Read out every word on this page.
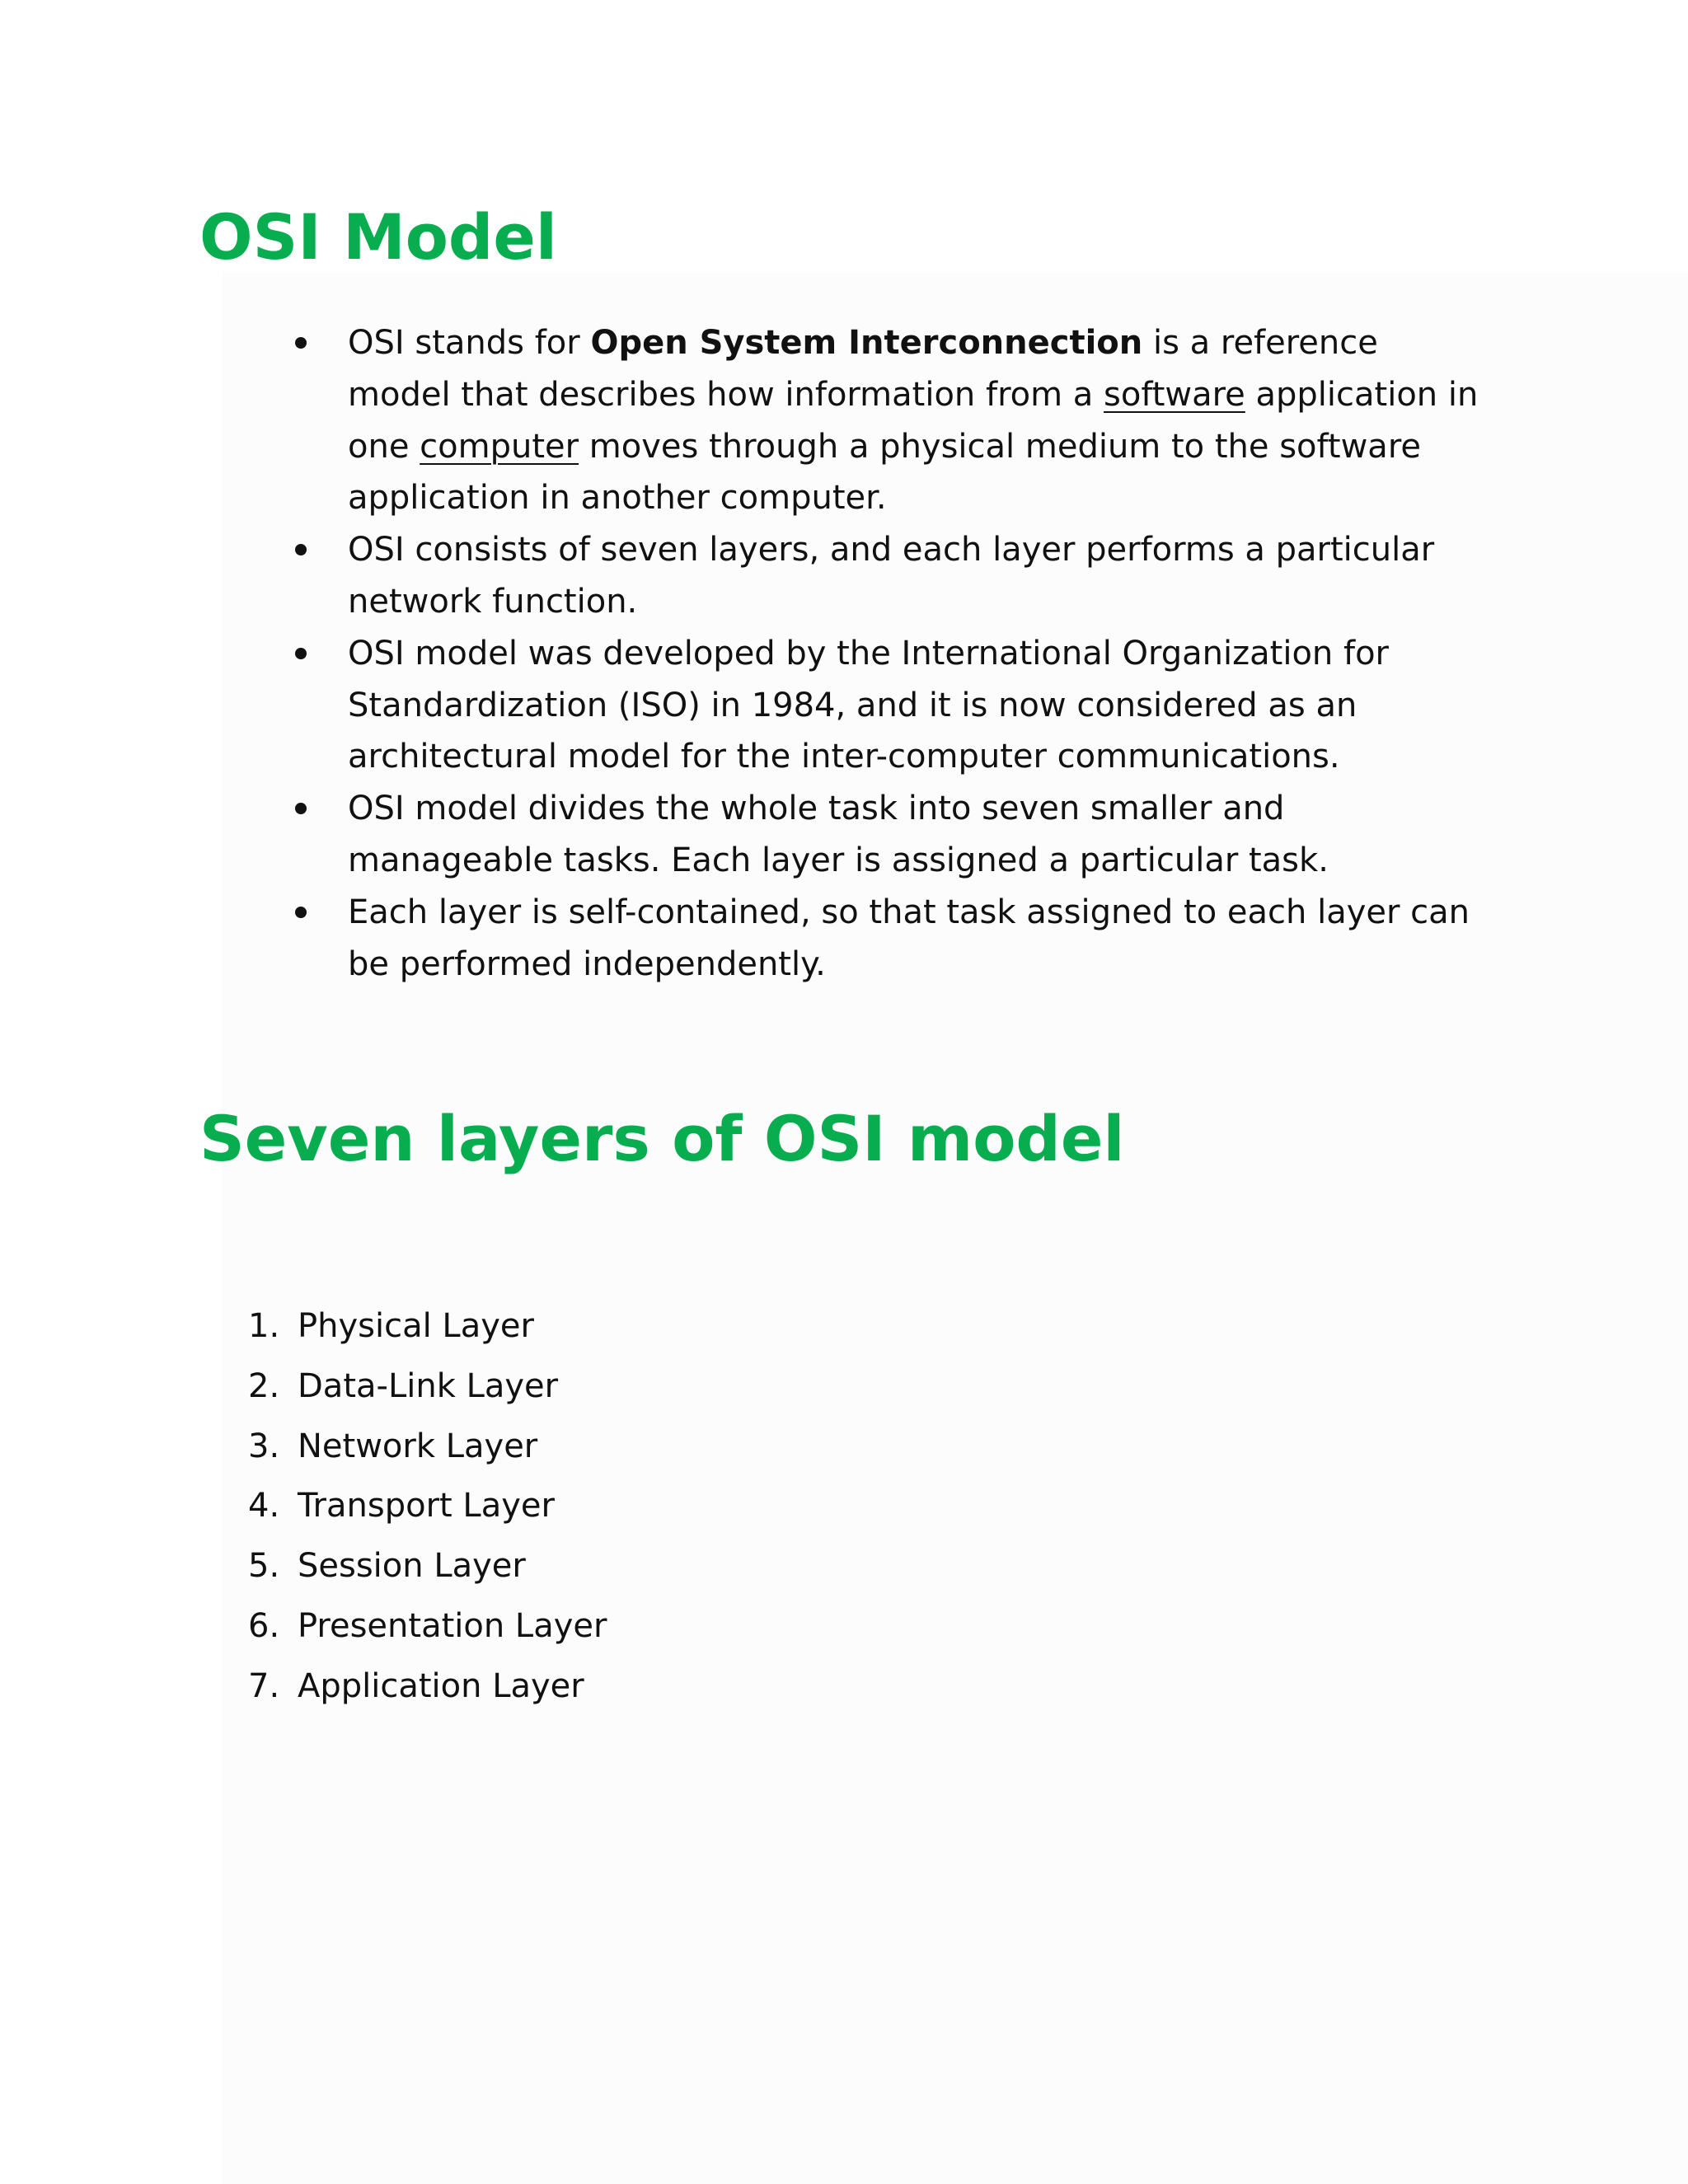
OSI Model
OSI stands for Open System Interconnection is a reference
model that describes how information from a software application in
one computer moves through a physical medium to the software
application in another computer.
OSI consists of seven layers, and each layer performs a particular
network function.
OSI model was developed by the International Organization for
Standardization (ISO) in 1984, and it is now considered as an
architectural model for the inter-computer communications.
OSI model divides the whole task into seven smaller and
manageable tasks. Each layer is assigned a particular task.
Each layer is self-contained, so that task assigned to each layer can
be performed independently.
Seven layers of OSI model
1. Physical Layer
2. Data-Link Layer
3. Network Layer
4. Transport Layer
5. Session Layer
6. Presentation Layer
7. Application Layer
